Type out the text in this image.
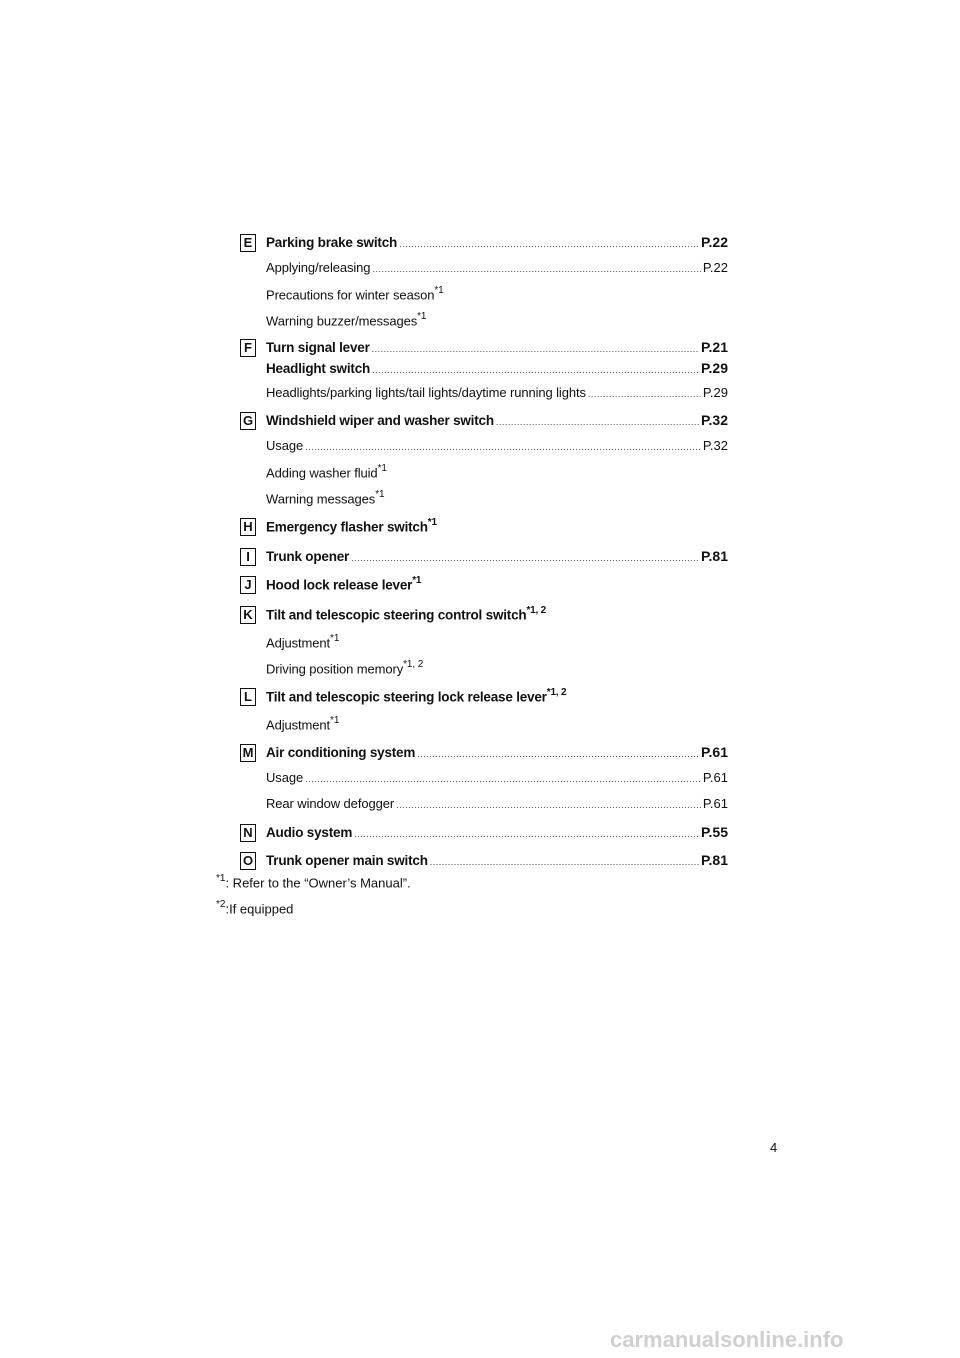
E Parking brake switch .....	P.22
Applying/releasing .....	P.22
Precautions for winter season$^{*1}$
Warning buzzer/messages$^{*1}$
F Turn signal lever .....	P.21
Headlight switch .....	P.29
Headlights/parking lights/tail lights/daytime running lights .....	P.29
G Windshield wiper and washer switch .....	P.32
Usage .....	P.32
Adding washer fluid$^{*1}$
Warning messages$^{*1}$
H Emergency flasher switch$^{*1}$
I	Trunk opener .....	P.81
J	Hood lock release lever$^{*1}$
K Tilt and telescopic steering control switch$^{*1, 2}$
Adjustment$^{*1}$
Driving position memory$^{*1, 2}$
L Tilt and telescopic steering lock release lever$^{*1, 2}$
Adjustment$^{*1}$
M Air conditioning system .....	P.61
Usage .....	P.61
Rear window defogger .....	P.61
N Audio system .....	P.55
O Trunk opener main switch .....	P.81
$^{*1}$: Refer to the “Owner’s Manual”.
$^{*2}$:If equipped
4
carmanualsonline.info
